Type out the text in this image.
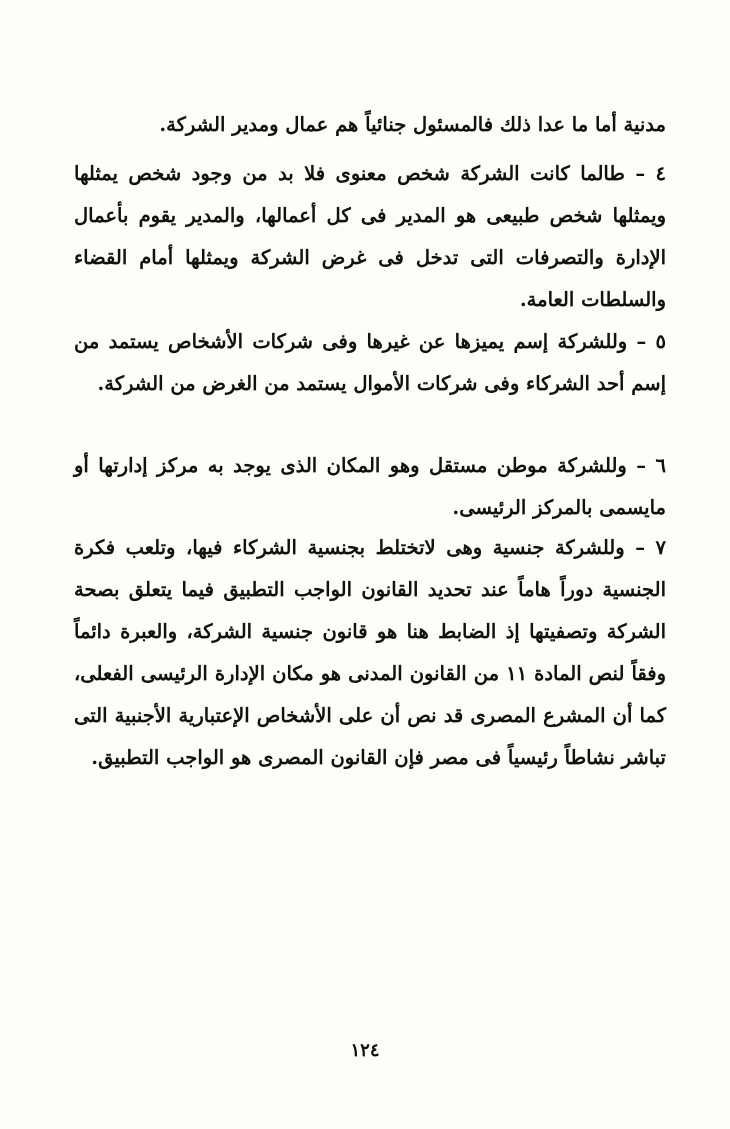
مدنية أما ما عدا ذلك فالمسئول جنائياً هم عمال ومدير الشركة.

٤ – طالما كانت الشركة شخص معنوى فلا بد من وجود شخص يمثلها ويمثلها شخص طبيعى هو المدير فى كل أعمالها، والمدير يقوم بأعمال الإدارة والتصرفات التى تدخل فى غرض الشركة ويمثلها أمام القضاء والسلطات العامة.

٥ – وللشركة إسم يميزها عن غيرها وفى شركات الأشخاص يستمد من إسم أحد الشركاء وفى شركات الأموال يستمد من الغرض من الشركة.

٦ – وللشركة موطن مستقل وهو المكان الذى يوجد به مركز إدارتها أو مايسمى بالمركز الرئيسى.

٧ – وللشركة جنسية وهى لاتختلط بجنسية الشركاء فيها، وتلعب فكرة الجنسية دوراً هاماً عند تحديد القانون الواجب التطبيق فيما يتعلق بصحة الشركة وتصفيتها إذ الضابط هنا هو قانون جنسية الشركة، والعبرة دائماً وفقاً لنص المادة ١١ من القانون المدنى هو مكان الإدارة الرئيسى الفعلى، كما أن المشرع المصرى قد نص أن على الأشخاص الإعتبارية الأجنبية التى تباشر نشاطاً رئيسياً فى مصر فإن القانون المصرى هو الواجب التطبيق.

١٢٤
